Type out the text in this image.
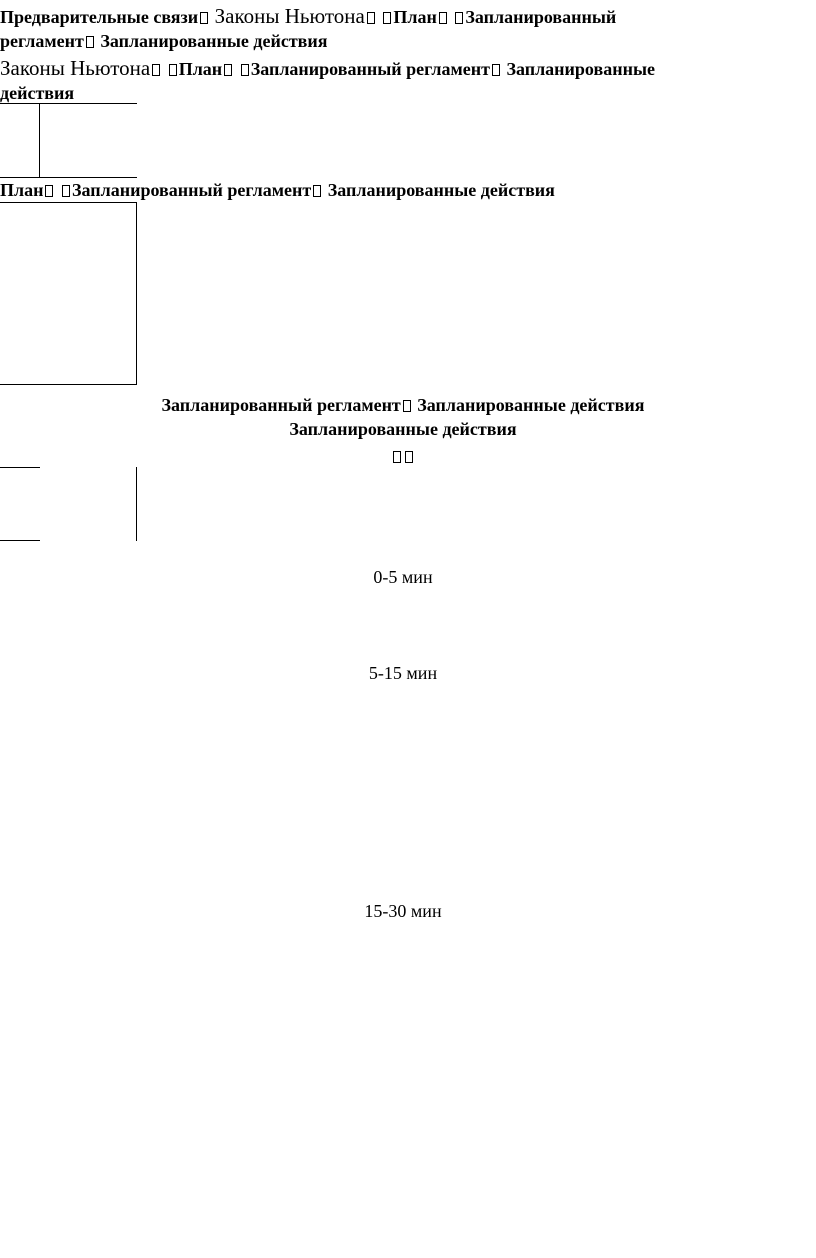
Предварительные связи Законы Ньютона План Запланированный
регламент Запланированные действия
Законы Ньютона План Запланированный регламент Запланированные
действия
План Запланированный регламент Запланированные действия
Запланированный регламент Запланированные действия
Запланированные действия
0-5 мин
5-15 мин
15-30 мин
